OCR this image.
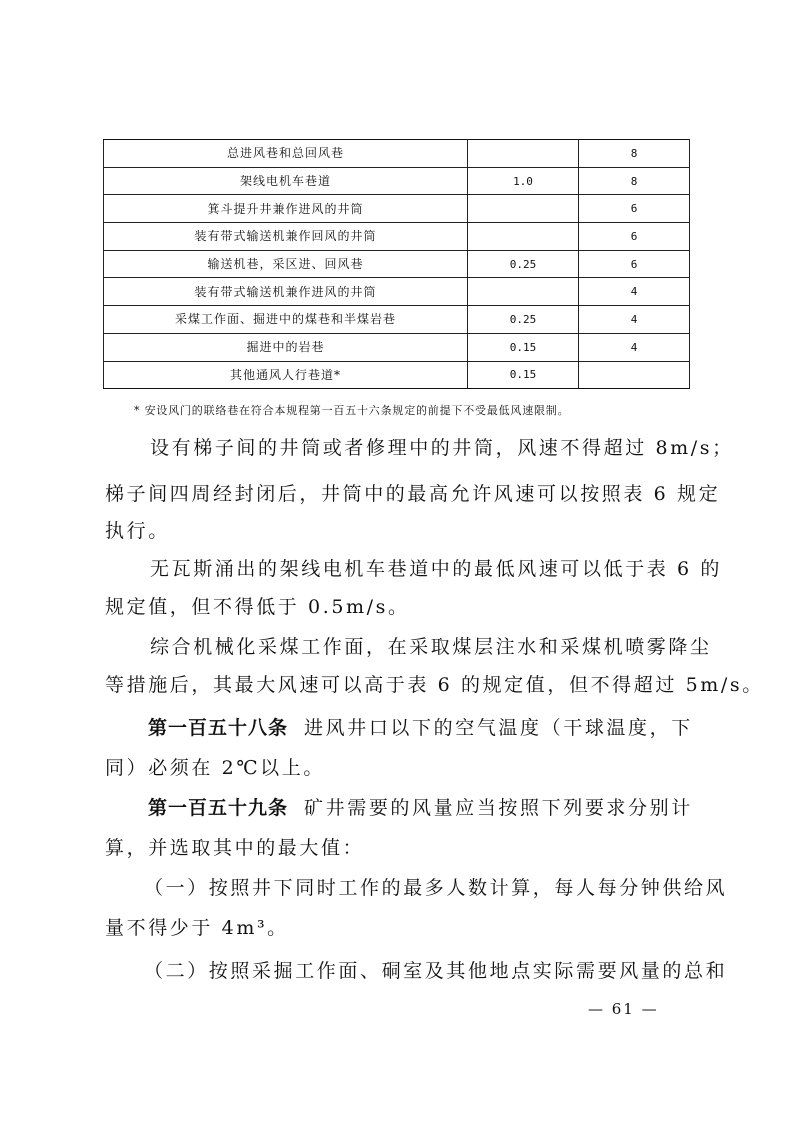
总进风巷和总回风巷		8
架线电机车巷道	1.0	8
箕斗提升井兼作进风的井筒		6
装有带式输送机兼作回风的井筒		6
输送机巷，采区进、回风巷	0.25	6
装有带式输送机兼作进风的井筒		4
采煤工作面、掘进中的煤巷和半煤岩巷	0.25	4
掘进中的岩巷	0.15	4
其他通风人行巷道*	0.15	
* 安设风门的联络巷在符合本规程第一百五十六条规定的前提下不受最低风速限制。
设有梯子间的井筒或者修理中的井筒，风速不得超过 8m/s；
梯子间四周经封闭后，井筒中的最高允许风速可以按照表 6 规定
执行。
无瓦斯涌出的架线电机车巷道中的最低风速可以低于表 6 的
规定值，但不得低于 0.5m/s。
综合机械化采煤工作面，在采取煤层注水和采煤机喷雾降尘
等措施后，其最大风速可以高于表 6 的规定值，但不得超过 5m/s。
第一百五十八条 进风井口以下的空气温度（干球温度，下
同）必须在 2℃以上。
第一百五十九条 矿井需要的风量应当按照下列要求分别计
算，并选取其中的最大值：
（一）按照井下同时工作的最多人数计算，每人每分钟供给风
量不得少于 4m³。
（二）按照采掘工作面、硐室及其他地点实际需要风量的总和
— 61 —
